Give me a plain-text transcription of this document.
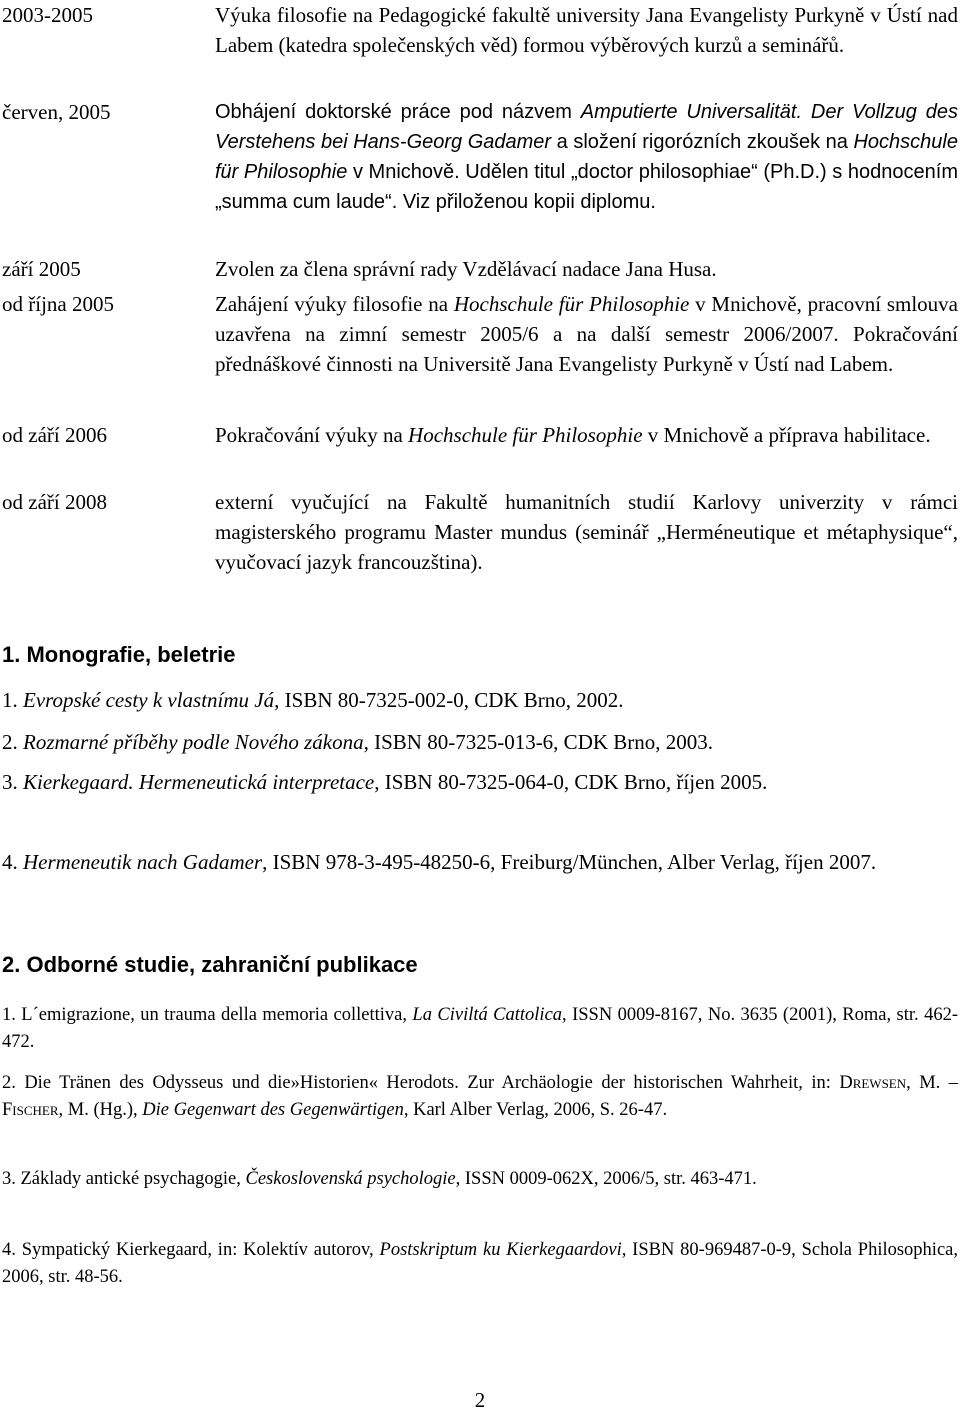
2003-2005	Výuka filosofie na Pedagogické fakultě university Jana Evangelisty Purkyně v Ústí nad Labem (katedra společenských věd) formou výběrových kurzů a seminářů.
červen, 2005	Obhájení doktorské práce pod názvem Amputierte Universalität. Der Vollzug des Verstehens bei Hans-Georg Gadamer a složení rigorózních zkoušek na Hochschule für Philosophie v Mnichově. Udělen titul „doctor philosophiae“ (Ph.D.) s hodnocením „summa cum laude“. Viz přiloženou kopii diplomu.
září 2005	Zvolen za člena správní rady Vzdělávací nadace Jana Husa.
od října 2005	Zahájení výuky filosofie na Hochschule für Philosophie v Mnichově, pracovní smlouva uzavřena na zimní semestr 2005/6 a na další semestr 2006/2007. Pokračování přednáškové činnosti na Universitě Jana Evangelisty Purkyně v Ústí nad Labem.
od září 2006	Pokračování výuky na Hochschule für Philosophie v Mnichově a příprava habilitace.
od září 2008	externí vyučující na Fakultě humanitních studií Karlovy univerzity v rámci magisterského programu Master mundus (seminář „Herméneutique et métaphysique“, vyučovací jazyk francouzština).
1. Monografie, beletrie
1. Evropské cesty k vlastnímu Já, ISBN 80-7325-002-0, CDK Brno, 2002.
2. Rozmarné příběhy podle Nového zákona, ISBN 80-7325-013-6, CDK Brno, 2003.
3. Kierkegaard. Hermeneutická interpretace, ISBN 80-7325-064-0, CDK Brno, říjen 2005.
4. Hermeneutik nach Gadamer, ISBN 978-3-495-48250-6, Freiburg/München, Alber Verlag, říjen 2007.
2. Odborné studie, zahraniční publikace
1. L´emigrazione, un trauma della memoria collettiva, La Civiltá Cattolica, ISSN 0009-8167, No. 3635 (2001), Roma, str. 462-472.
2. Die Tränen des Odysseus und die»Historien« Herodots. Zur Archäologie der historischen Wahrheit, in: Drewsen, M. – Fischer, M. (Hg.), Die Gegenwart des Gegenwärtigen, Karl Alber Verlag, 2006, S. 26-47.
3. Základy antické psychagogie, Československá psychologie, ISSN 0009-062X, 2006/5, str. 463-471.
4. Sympatický Kierkegaard, in: Kolektív autorov, Postskriptum ku Kierkegaardovi, ISBN 80-969487-0-9, Schola Philosophica, 2006, str. 48-56.
2
